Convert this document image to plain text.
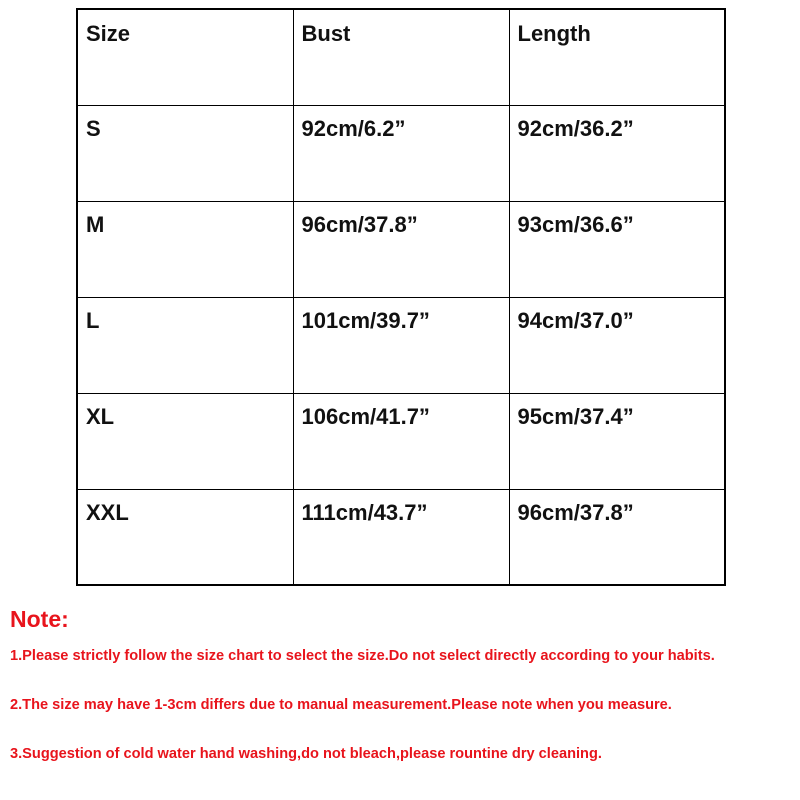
Size	Bust	Length
S	92cm/6.2”	92cm/36.2”
M	96cm/37.8”	93cm/36.6”
L	101cm/39.7”	94cm/37.0”
XL	106cm/41.7”	95cm/37.4”
XXL	111cm/43.7”	96cm/37.8”

Note:

1.Please strictly follow the size chart to select the size.Do not select directly according to your habits.

2.The size may have 1-3cm differs due to manual measurement.Please note when you measure.

3.Suggestion of cold water hand washing,do not bleach,please rountine dry cleaning.
